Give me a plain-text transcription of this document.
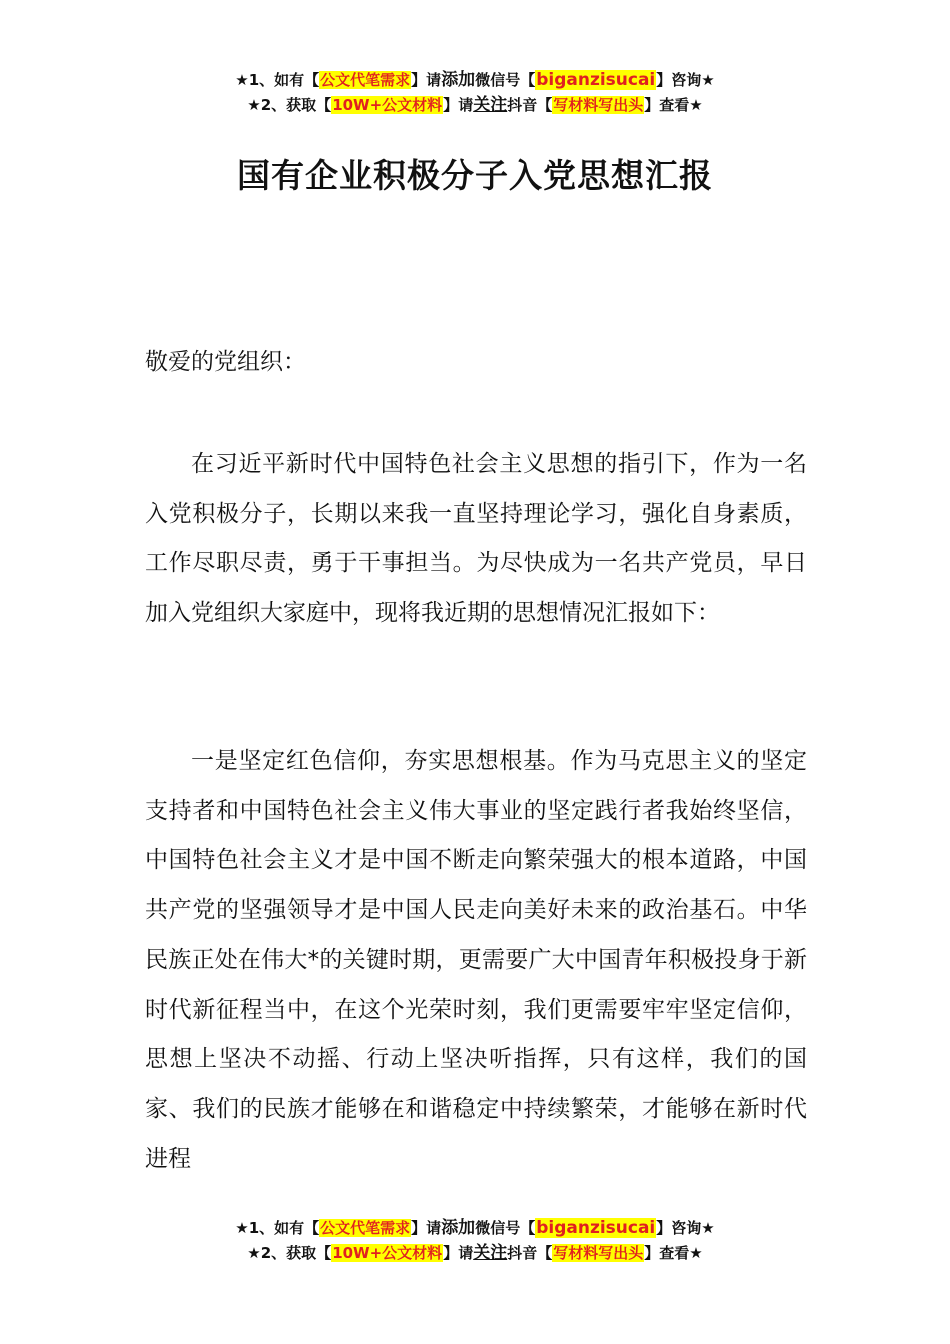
★1、如有【公文代笔需求】请添加微信号【biganzisucai】咨询★
★2、获取【10W+公文材料】请关注抖音【写材料写出头】查看★
国有企业积极分子入党思想汇报
敬爱的党组织：

在习近平新时代中国特色社会主义思想的指引下，作为一名入党积极分子，长期以来我一直坚持理论学习，强化自身素质，工作尽职尽责，勇于干事担当。为尽快成为一名共产党员，早日加入党组织大家庭中，现将我近期的思想情况汇报如下：

一是坚定红色信仰，夯实思想根基。作为马克思主义的坚定支持者和中国特色社会主义伟大事业的坚定践行者我始终坚信，中国特色社会主义才是中国不断走向繁荣强大的根本道路，中国共产党的坚强领导才是中国人民走向美好未来的政治基石。中华民族正处在伟大*的关键时期，更需要广大中国青年积极投身于新时代新征程当中，在这个光荣时刻，我们更需要牢牢坚定信仰，思想上坚决不动摇、行动上坚决听指挥，只有这样，我们的国家、我们的民族才能够在和谐稳定中持续繁荣，才能够在新时代进程

★1、如有【公文代笔需求】请添加微信号【biganzisucai】咨询★
★2、获取【10W+公文材料】请关注抖音【写材料写出头】查看★
